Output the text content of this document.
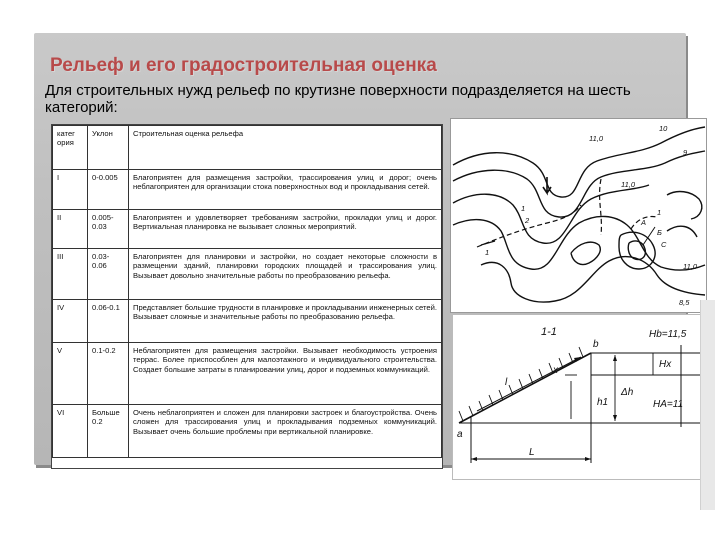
Рельеф и его градостроительная оценка

Для строительных нужд рельеф по крутизне поверхности подразделяется на шесть категорий:

катег ория	Уклон	Строительная оценка рельефа
I	0-0.005	Благоприятен для размещения застройки, трассирования улиц и дорог; очень неблагоприятен для организации стока поверхностных вод и прокладывания сетей.
II	0.005-0.03	Благоприятен и удовлетворяет требованиям застройки, прокладки улиц и дорог. Вертикальная планировка не вызывает сложных мероприятий.
III	0.03-0.06	Благоприятен для планировки и застройки, но создает некоторые сложности в размещении зданий, планировки городских площадей и трассирования улиц. Вызывает довольно значительные работы по преобразованию рельефа.
IV	0.06-0.1	Представляет большие трудности в планировке и прокладывании инженерных сетей. Вызывает сложные и значительные работы по преобразованию рельефа.
V	0.1-0.2	Неблагоприятен для размещения застройки. Вызывает необходимость устроения террас. Более приспособлен для малоэтажного и индивидуального строительства. Создает большие затраты в планировании улиц, дорог и подземных коммуникаций.
VI	Больше 0.2	Очень неблагоприятен и сложен для планировки застроек и благоустройства. Очень сложен для трассирования улиц и прокладывания подземных коммуникаций. Вызывает очень большие проблемы при вертикальной планировке.
11,0
10
9
11,0
11,0
8,5
1
2	A
Б
C
1
1
1-1	Hb=11,5
Hx
HA=11
h1
Δh
l
x
b
a
L
